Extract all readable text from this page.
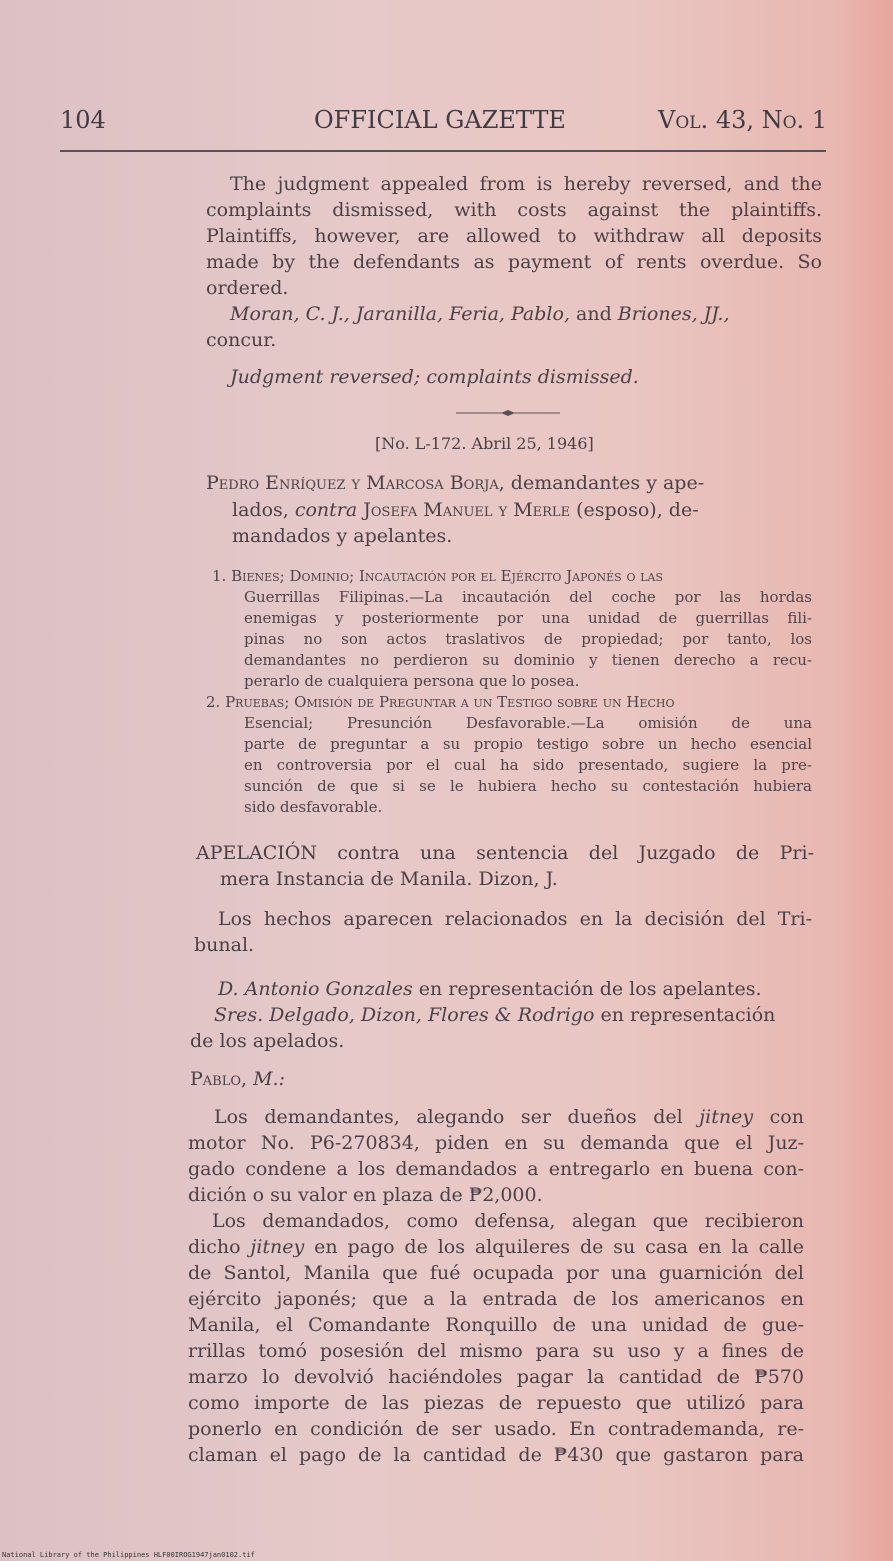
104	OFFICIAL GAZETTE	Vol. 43, No. 1
The judgment appealed from is hereby reversed, and the
complaints dismissed, with costs against the plaintiffs.
Plaintiffs, however, are allowed to withdraw all deposits
made by the defendants as payment of rents overdue. So
ordered.
Moran, C. J., Jaranilla, Feria, Pablo, and Briones, JJ.,
concur.
Judgment reversed; complaints dismissed.
[No. L-172. Abril 25, 1946]
Pedro Enríquez y Marcosa Borja, demandantes y ape-
lados, contra Josefa Manuel y Merle (esposo), de-
mandados y apelantes.
1. Bienes; Dominio; Incautación por el Ejército Japonés o las
Guerrillas Filipinas.—La incautación del coche por las hordas
enemigas y posteriormente por una unidad de guerrillas fili-
pinas no son actos traslativos de propiedad; por tanto, los
demandantes no perdieron su dominio y tienen derecho a recu-
perarlo de cualquiera persona que lo posea.
2. Pruebas; Omisión de Preguntar a un Testigo sobre un Hecho
Esencial; Presunción Desfavorable.—La omisión de una
parte de preguntar a su propio testigo sobre un hecho esencial
en controversia por el cual ha sido presentado, sugiere la pre-
sunción de que si se le hubiera hecho su contestación hubiera
sido desfavorable.
APELACIÓN contra una sentencia del Juzgado de Pri-
mera Instancia de Manila. Dizon, J.
Los hechos aparecen relacionados en la decisión del Tri-
bunal.
D. Antonio Gonzales en representación de los apelantes.
Sres. Delgado, Dizon, Flores & Rodrigo en representación
de los apelados.
Pablo, M.:
Los demandantes, alegando ser dueños del jitney con
motor No. P6-270834, piden en su demanda que el Juz-
gado condene a los demandados a entregarlo en buena con-
dición o su valor en plaza de ₱2,000.
Los demandados, como defensa, alegan que recibieron
dicho jitney en pago de los alquileres de su casa en la calle
de Santol, Manila que fué ocupada por una guarnición del
ejército japonés; que a la entrada de los americanos en
Manila, el Comandante Ronquillo de una unidad de gue-
rrillas tomó posesión del mismo para su uso y a fines de
marzo lo devolvió haciéndoles pagar la cantidad de ₱570
como importe de las piezas de repuesto que utilizó para
ponerlo en condición de ser usado. En contrademanda, re-
claman el pago de la cantidad de ₱430 que gastaron para
National Library of the Philippines HLF00IROG1947jan0102.tif
